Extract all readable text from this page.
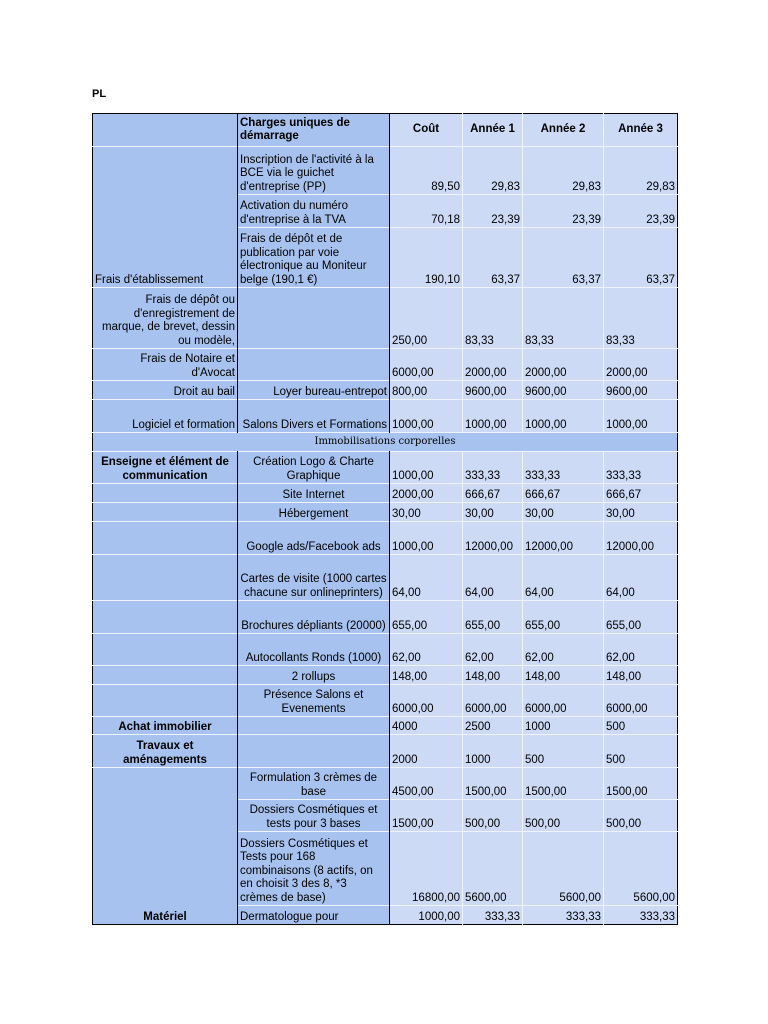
PL
	Charges uniques de démarrage	Coût	Année 1	Année 2	Année 3
Frais d'établissement	Inscription de l'activité à la BCE via le guichet d'entreprise (PP)	89,50	29,83	29,83	29,83
	Activation du numéro d'entreprise à la TVA	70,18	23,39	23,39	23,39
	Frais de dépôt et de publication par voie électronique au Moniteur belge (190,1 €)	190,10	63,37	63,37	63,37
Frais de dépôt ou d'enregistrement de marque, de brevet, dessin ou modèle,		250,00	83,33	83,33	83,33
Frais de Notaire et d'Avocat		6000,00	2000,00	2000,00	2000,00
Droit au bail	Loyer bureau-entrepot	800,00	9600,00	9600,00	9600,00
Logiciel et formation	Salons Divers et Formations	1000,00	1000,00	1000,00	1000,00
Immobilisations corporelles					
Enseigne et élément de communication	Création Logo & Charte Graphique	1000,00	333,33	333,33	333,33
	Site Internet	2000,00	666,67	666,67	666,67
	Hébergement	30,00	30,00	30,00	30,00
	Google ads/Facebook ads	1000,00	12000,00	12000,00	12000,00
	Cartes de visite (1000 cartes chacune sur onlineprinters)	64,00	64,00	64,00	64,00
	Brochures dépliants (20000)	655,00	655,00	655,00	655,00
	Autocollants Ronds (1000)	62,00	62,00	62,00	62,00
	2 rollups	148,00	148,00	148,00	148,00
	Présence Salons et Evenements	6000,00	6000,00	6000,00	6000,00
Achat immobilier		4000	2500	1000	500
Travaux et aménagements		2000	1000	500	500
Matériel	Formulation 3 crèmes de base	4500,00	1500,00	1500,00	1500,00
	Dossiers Cosmétiques et tests pour 3 bases	1500,00	500,00	500,00	500,00
	Dossiers Cosmétiques et Tests pour 168 combinaisons (8 actifs, on en choisit 3 des 8, *3 crèmes de base)	16800,00	5600,00	5600,00	5600,00
	Dermatologue pour	1000,00	333,33	333,33	333,33
